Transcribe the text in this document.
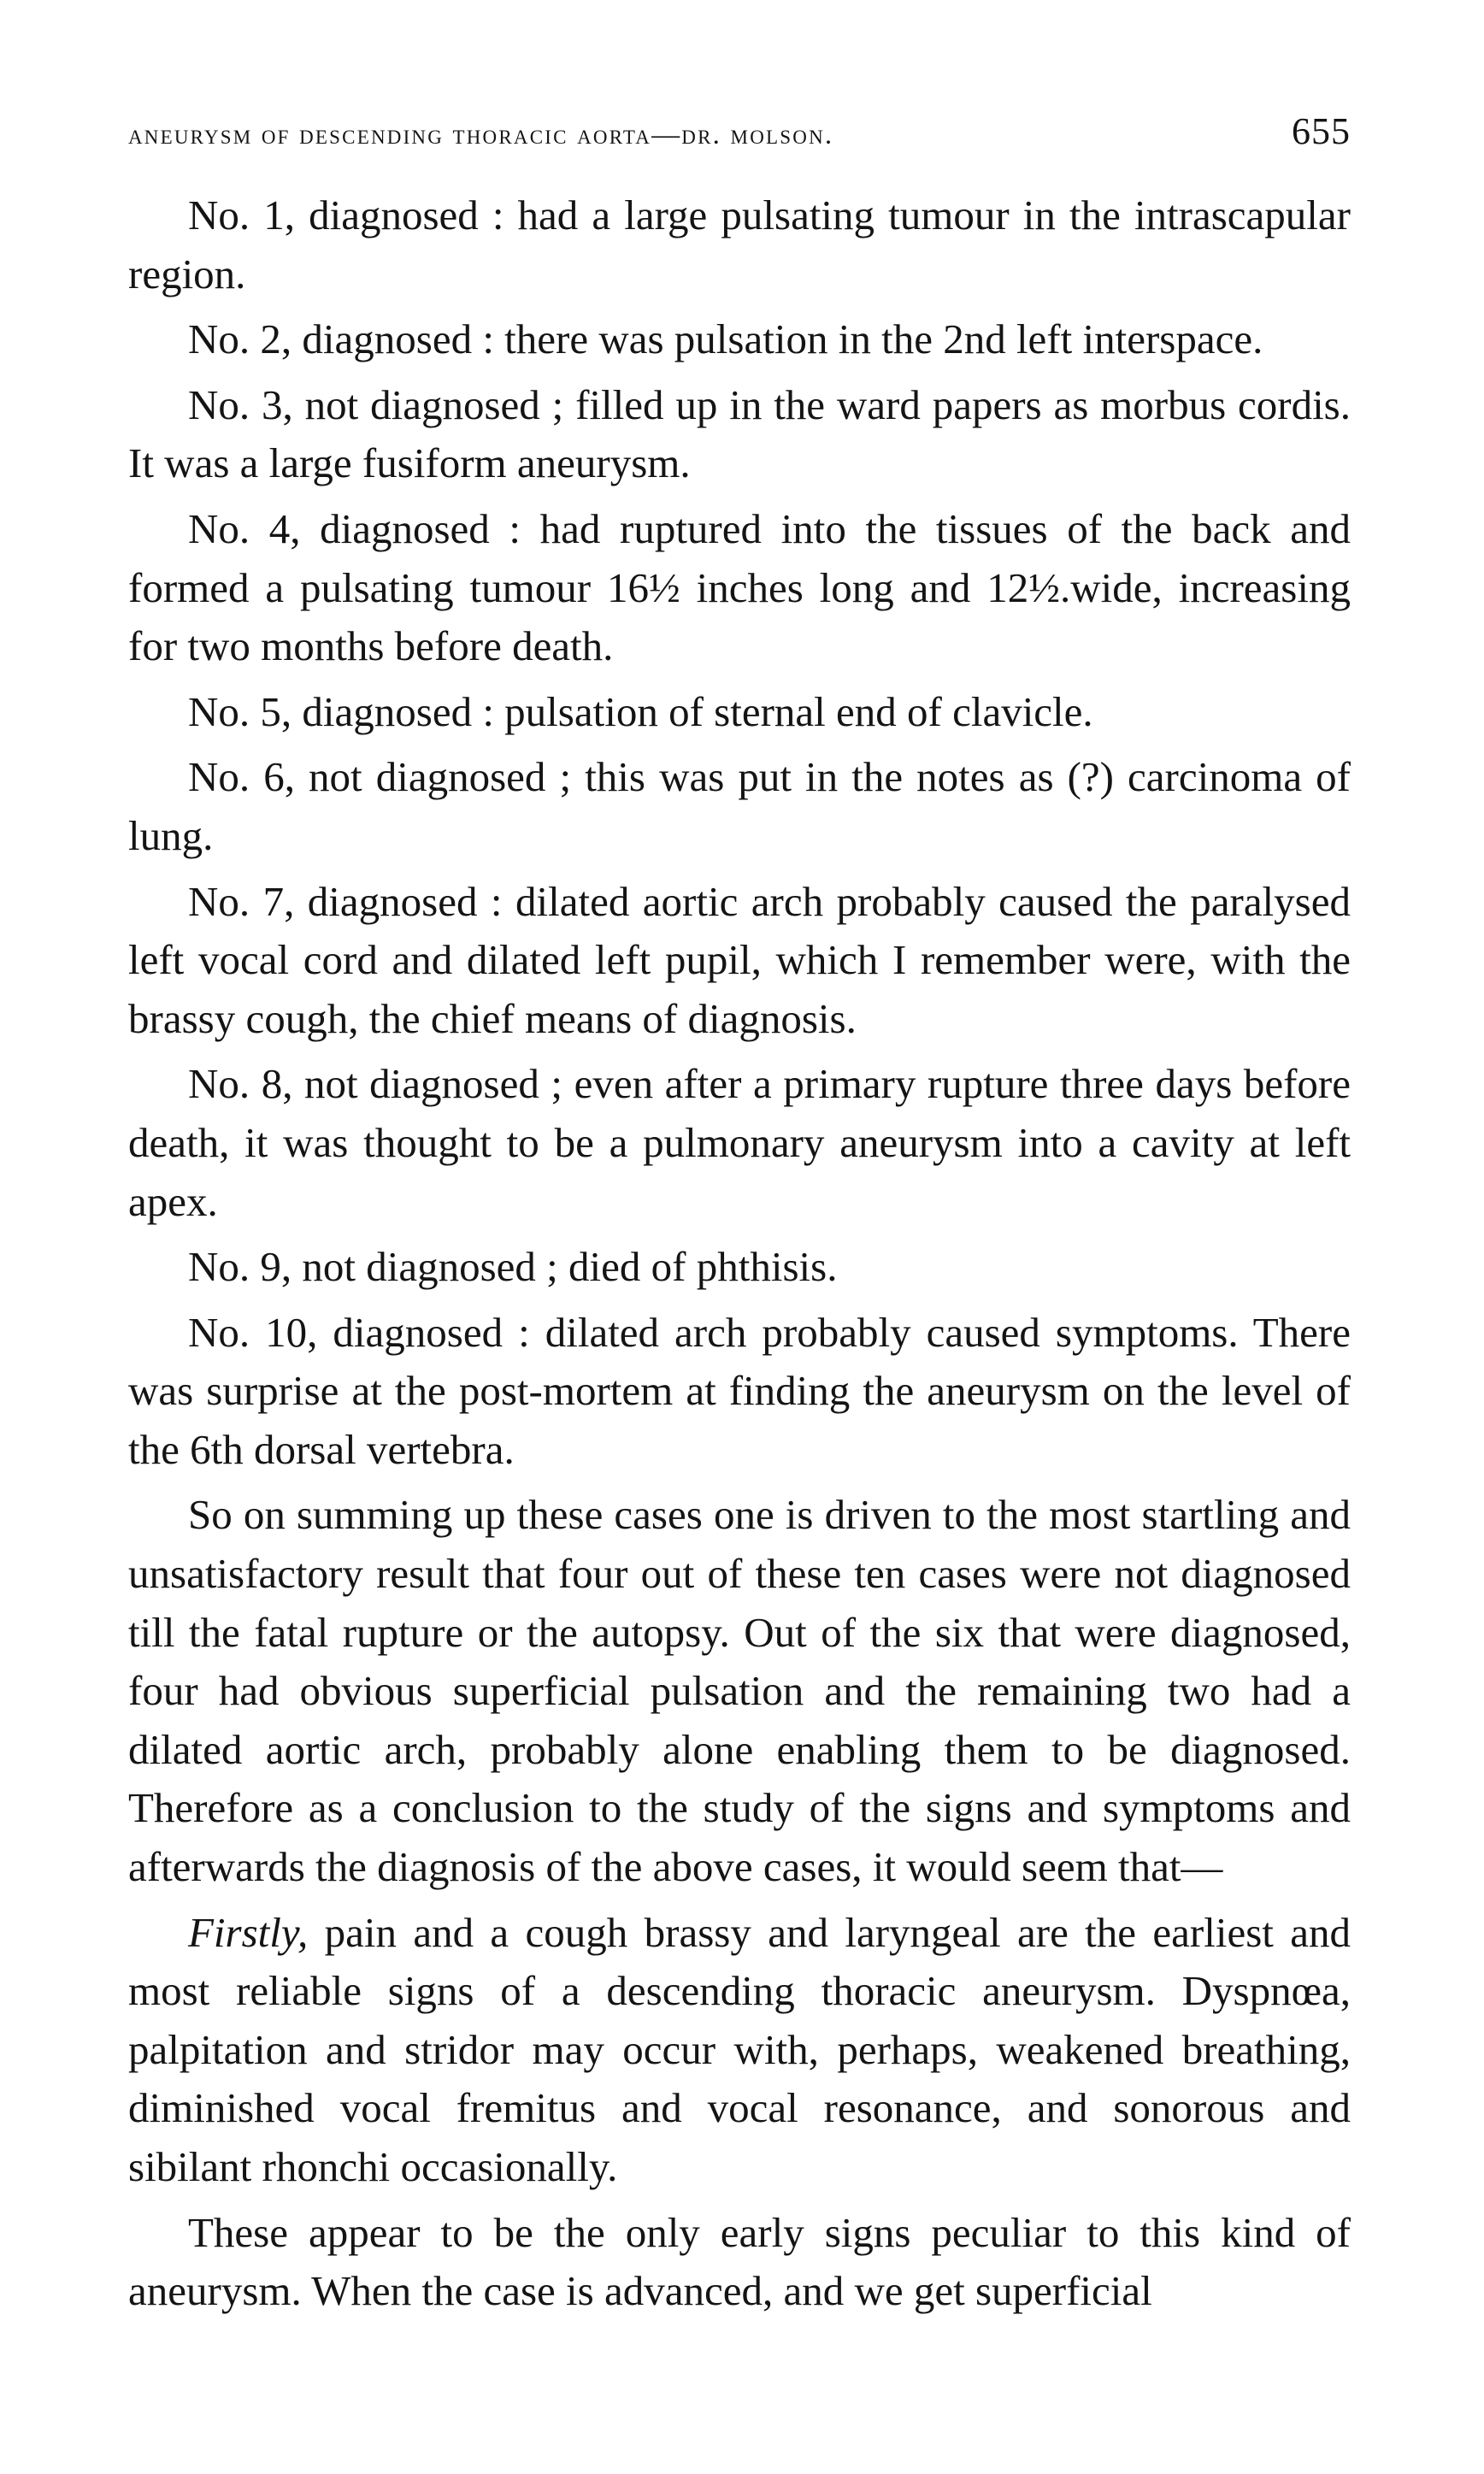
aneurysm of descending thoracic aorta—dr. molson.	655

No. 1, diagnosed : had a large pulsating tumour in the intrascapular region.

No. 2, diagnosed : there was pulsation in the 2nd left interspace.

No. 3, not diagnosed ; filled up in the ward papers as morbus cordis. It was a large fusiform aneurysm.

No. 4, diagnosed : had ruptured into the tissues of the back and formed a pulsating tumour 16½ inches long and 12½.wide, increasing for two months before death.

No. 5, diagnosed : pulsation of sternal end of clavicle.

No. 6, not diagnosed ; this was put in the notes as (?) carcinoma of lung.

No. 7, diagnosed : dilated aortic arch probably caused the paralysed left vocal cord and dilated left pupil, which I remember were, with the brassy cough, the chief means of diagnosis.

No. 8, not diagnosed ; even after a primary rupture three days before death, it was thought to be a pulmonary aneurysm into a cavity at left apex.

No. 9, not diagnosed ; died of phthisis.

No. 10, diagnosed : dilated arch probably caused symptoms. There was surprise at the post-mortem at finding the aneurysm on the level of the 6th dorsal vertebra.

So on summing up these cases one is driven to the most startling and unsatisfactory result that four out of these ten cases were not diagnosed till the fatal rupture or the autopsy. Out of the six that were diagnosed, four had obvious superficial pulsation and the remaining two had a dilated aortic arch, probably alone enabling them to be diagnosed. Therefore as a conclusion to the study of the signs and symptoms and afterwards the diagnosis of the above cases, it would seem that—

Firstly, pain and a cough brassy and laryngeal are the earliest and most reliable signs of a descending thoracic aneurysm. Dyspnœa, palpitation and stridor may occur with, perhaps, weakened breathing, diminished vocal fremitus and vocal resonance, and sonorous and sibilant rhonchi occasionally.

These appear to be the only early signs peculiar to this kind of aneurysm. When the case is advanced, and we get superficial
